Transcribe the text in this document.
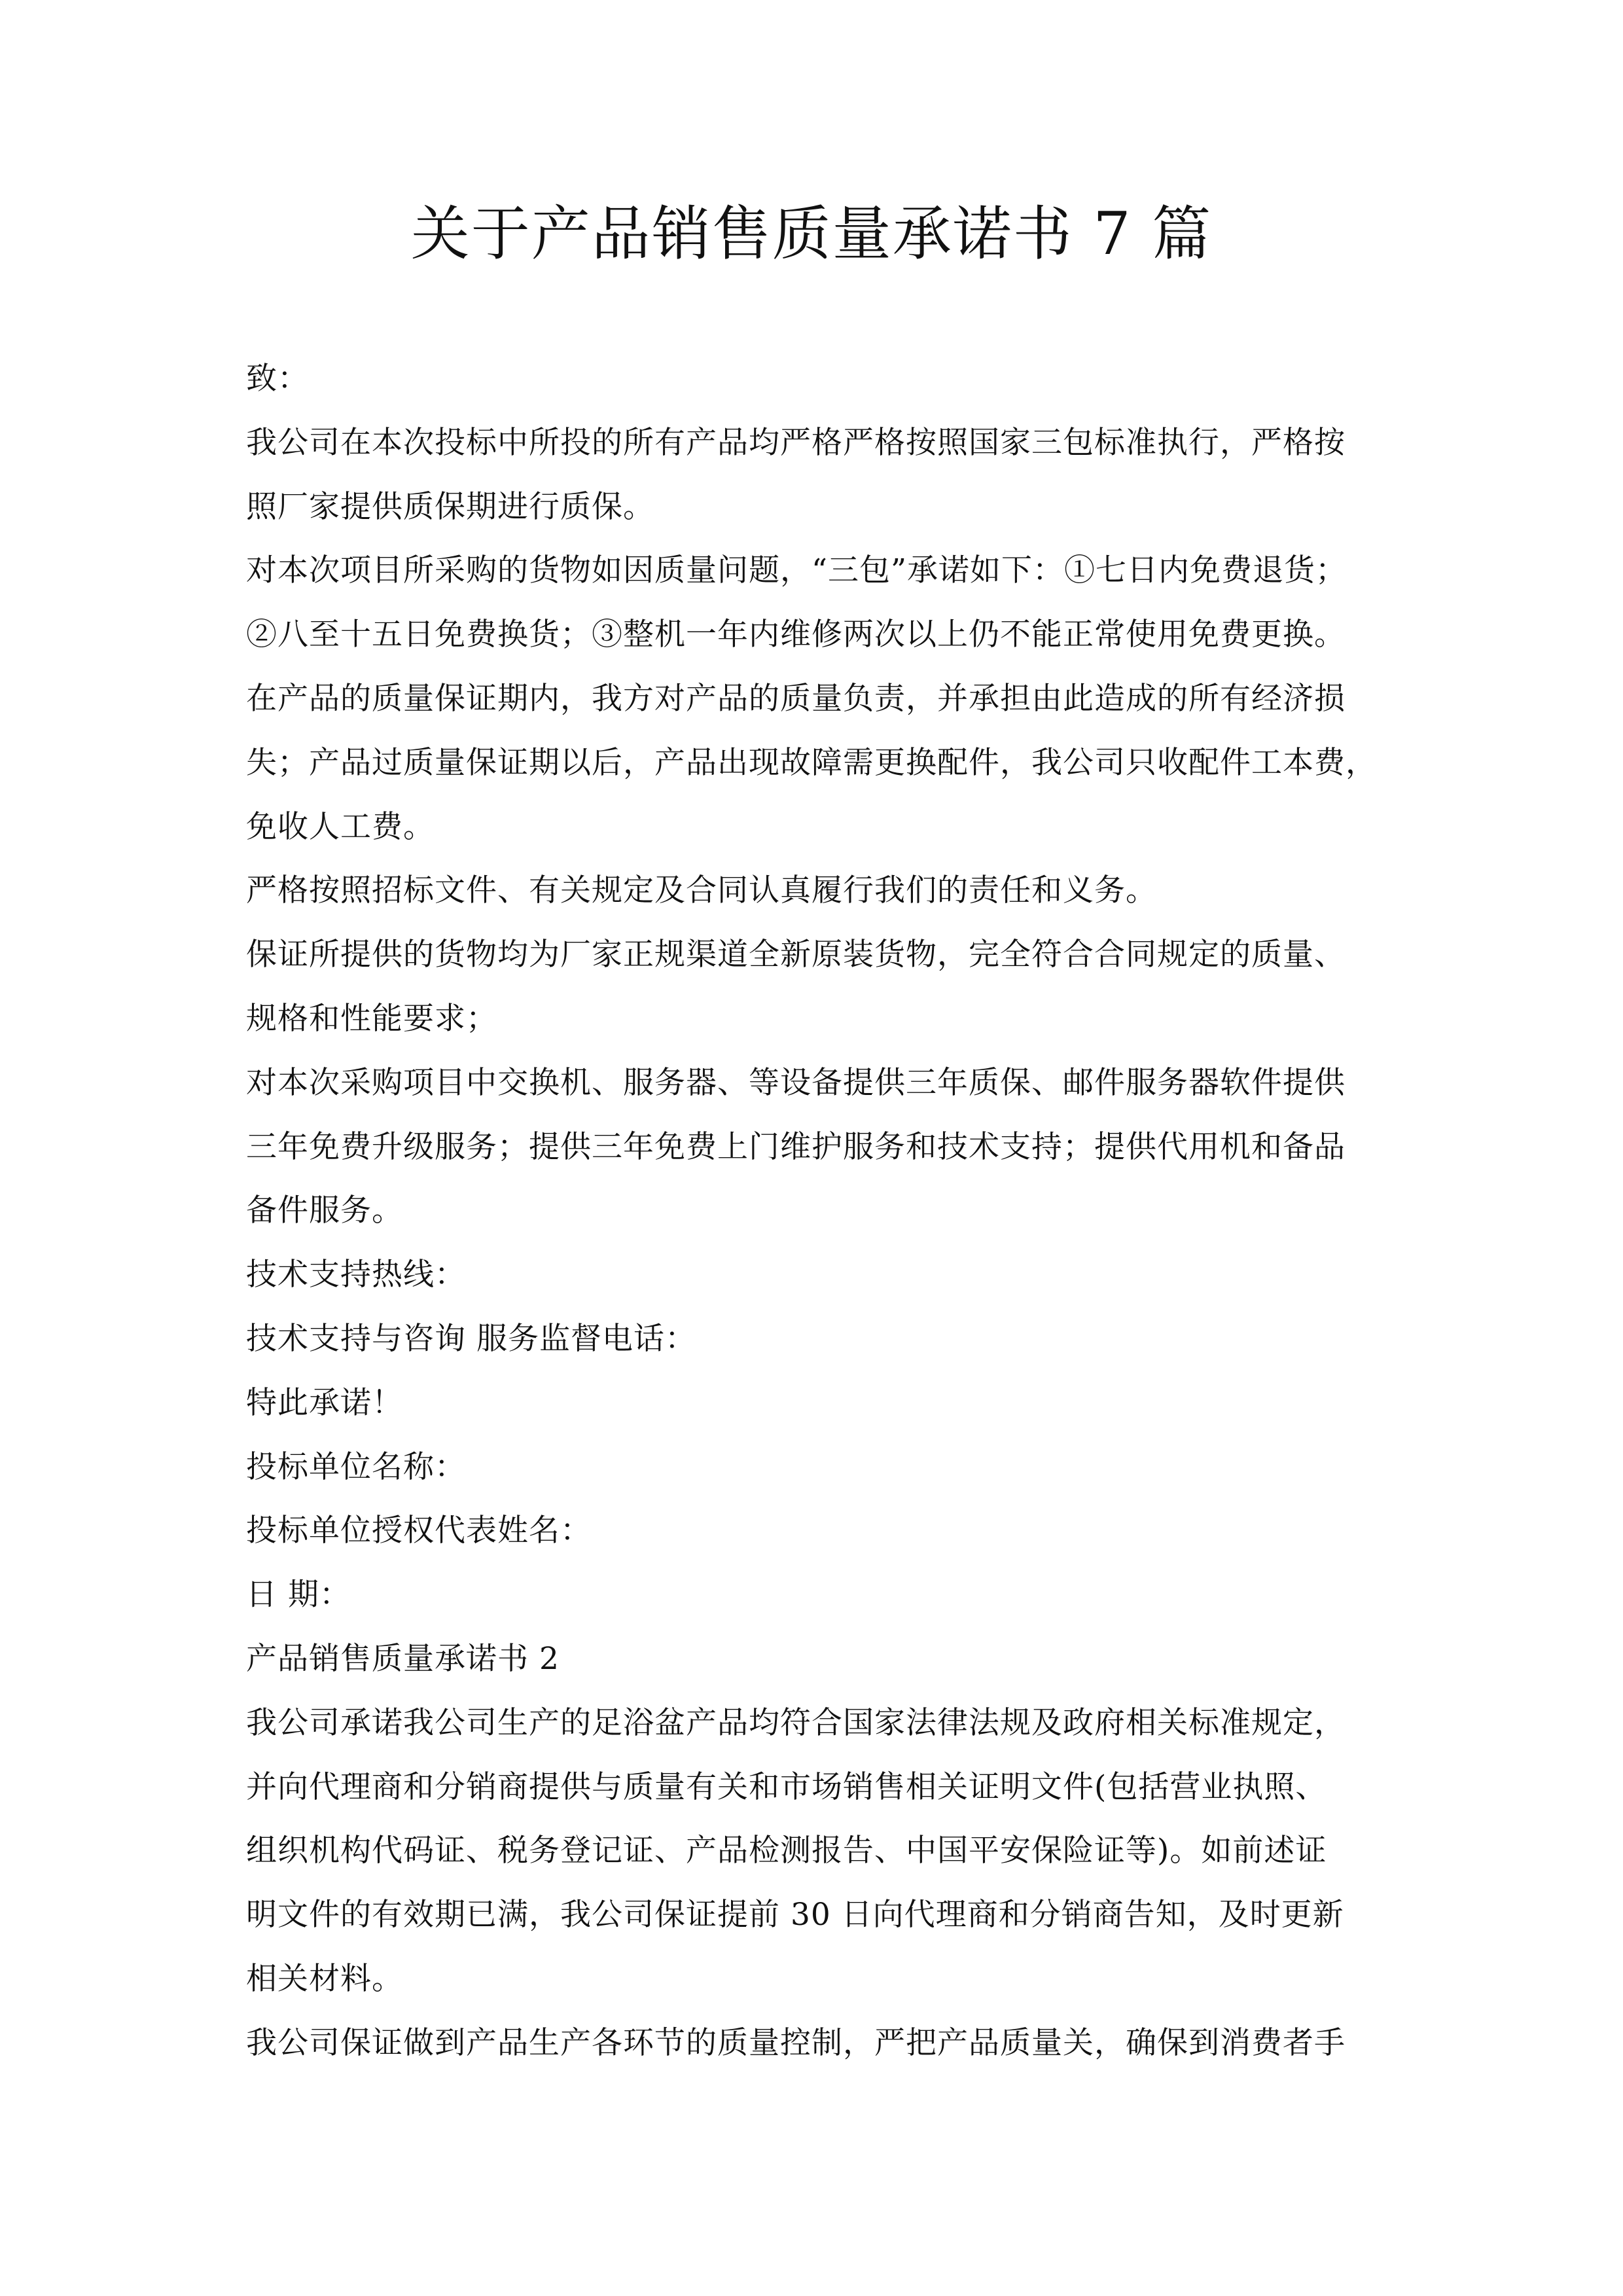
关于产品销售质量承诺书 7 篇
致：
我公司在本次投标中所投的所有产品均严格严格按照国家三包标准执行，严格按
照厂家提供质保期进行质保。
对本次项目所采购的货物如因质量问题，“三包”承诺如下：①七日内免费退货；
②八至十五日免费换货；③整机一年内维修两次以上仍不能正常使用免费更换。
在产品的质量保证期内，我方对产品的质量负责，并承担由此造成的所有经济损
失；产品过质量保证期以后，产品出现故障需更换配件，我公司只收配件工本费，
免收人工费。
严格按照招标文件、有关规定及合同认真履行我们的责任和义务。
保证所提供的货物均为厂家正规渠道全新原装货物，完全符合合同规定的质量、
规格和性能要求；
对本次采购项目中交换机、服务器、等设备提供三年质保、邮件服务器软件提供
三年免费升级服务；提供三年免费上门维护服务和技术支持；提供代用机和备品
备件服务。
技术支持热线：
技术支持与咨询 服务监督电话：
特此承诺！
投标单位名称：
投标单位授权代表姓名：
日 期：
产品销售质量承诺书 2
我公司承诺我公司生产的足浴盆产品均符合国家法律法规及政府相关标准规定，
并向代理商和分销商提供与质量有关和市场销售相关证明文件(包括营业执照、
组织机构代码证、税务登记证、产品检测报告、中国平安保险证等)。如前述证
明文件的有效期已满，我公司保证提前 30 日向代理商和分销商告知，及时更新
相关材料。
我公司保证做到产品生产各环节的质量控制，严把产品质量关，确保到消费者手
